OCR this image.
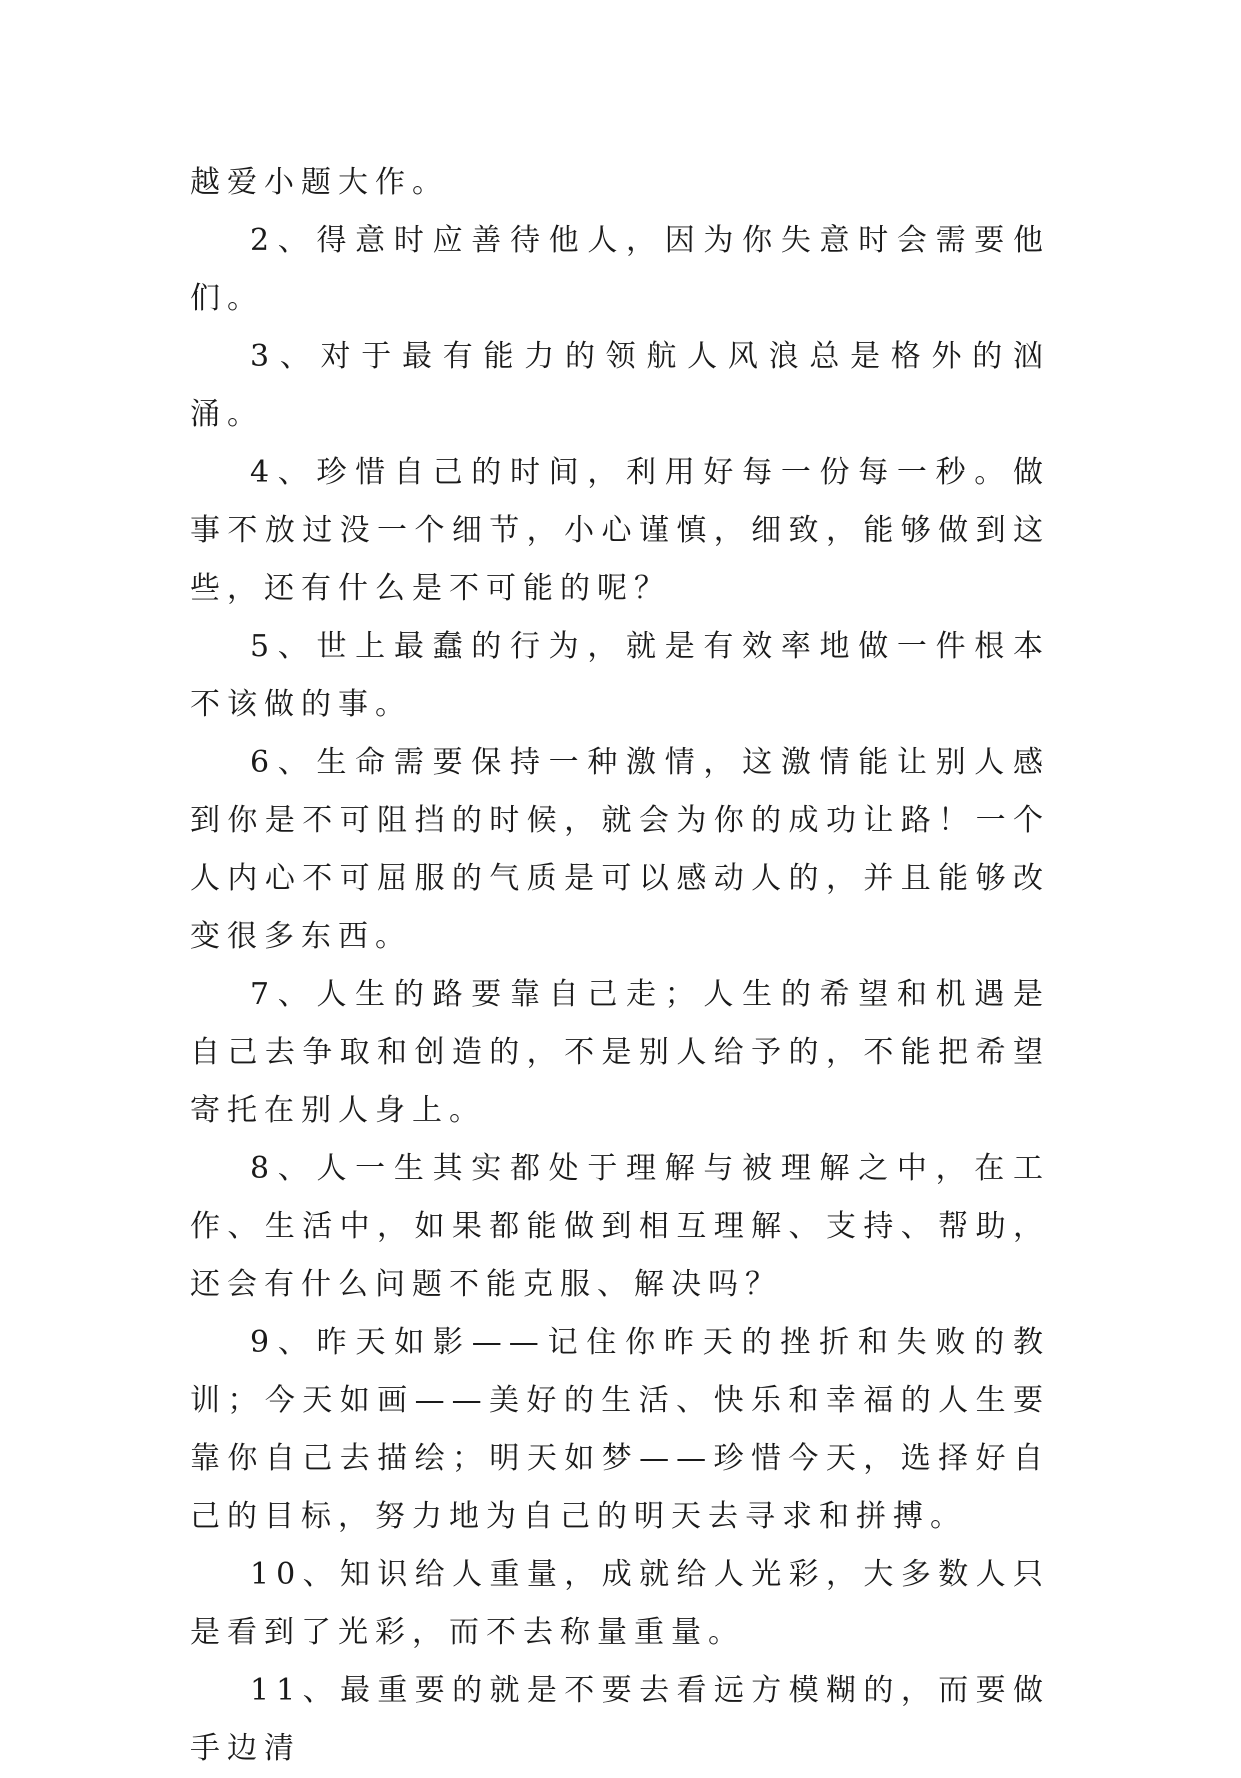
越爱小题大作。

2、得意时应善待他人，因为你失意时会需要他们。

3、对于最有能力的领航人风浪总是格外的汹涌。

4、珍惜自己的时间，利用好每一份每一秒。做事不放过没一个细节，小心谨慎，细致，能够做到这些，还有什么是不可能的呢？

5、世上最蠢的行为，就是有效率地做一件根本不该做的事。

6、生命需要保持一种激情，这激情能让别人感到你是不可阻挡的时候，就会为你的成功让路！一个人内心不可屈服的气质是可以感动人的，并且能够改变很多东西。

7、人生的路要靠自己走；人生的希望和机遇是自己去争取和创造的，不是别人给予的，不能把希望寄托在别人身上。

8、人一生其实都处于理解与被理解之中，在工作、生活中，如果都能做到相互理解、支持、帮助，还会有什么问题不能克服、解决吗？

9、昨天如影——记住你昨天的挫折和失败的教训；今天如画——美好的生活、快乐和幸福的人生要靠你自己去描绘；明天如梦——珍惜今天，选择好自己的目标，努力地为自己的明天去寻求和拼搏。

10、知识给人重量，成就给人光彩，大多数人只是看到了光彩，而不去称量重量。

11、最重要的就是不要去看远方模糊的，而要做手边清
